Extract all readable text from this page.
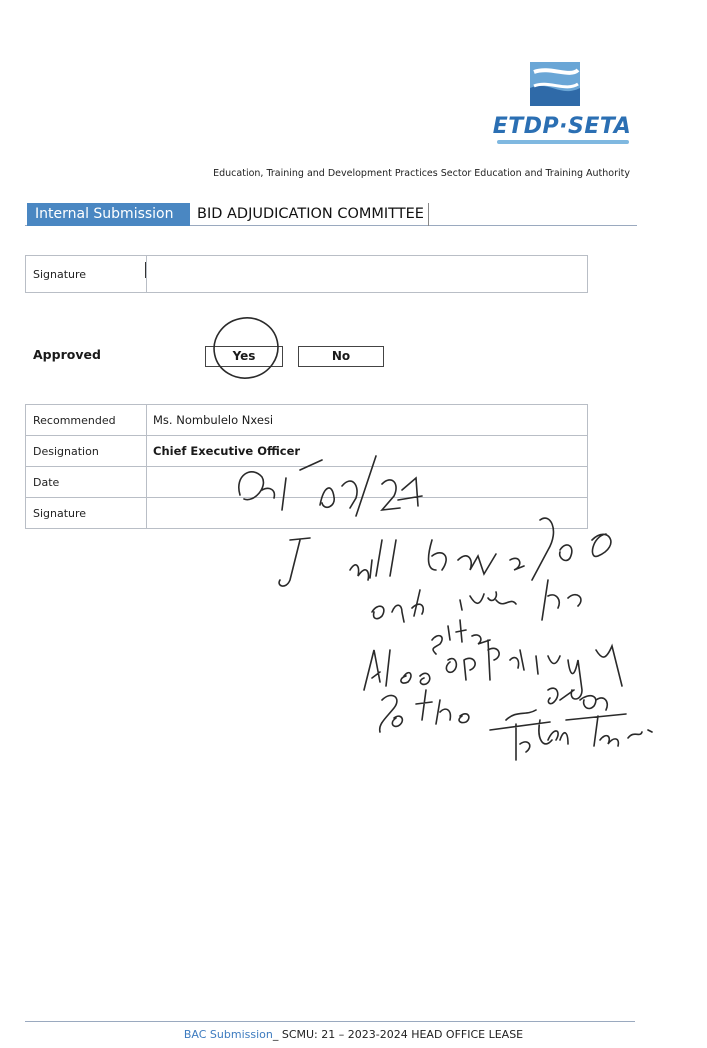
ETDP·SETA
Education, Training and Development Practices Sector Education and Training Authority
Internal Submission	BID ADJUDICATION COMMITTEE
Signature	
Approved	Yes	No
Recommended	Ms. Nombulelo Nxesi
Designation	Chief Executive Officer
Date	
Signature	
BAC Submission_ SCMU: 21 – 2023-2024 HEAD OFFICE LEASE
